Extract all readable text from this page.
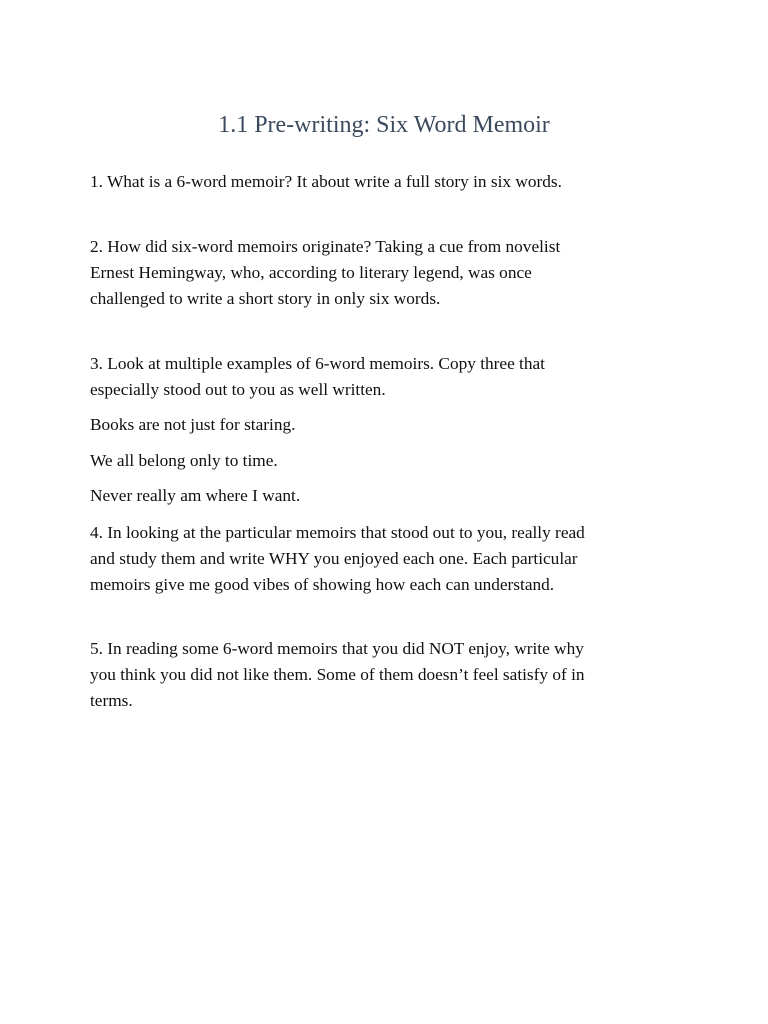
1.1 Pre-writing: Six Word Memoir

1. What is a 6-word memoir? It about write a full story in six words.

2. How did six-word memoirs originate? Taking a cue from novelist
Ernest Hemingway, who, according to literary legend, was once
challenged to write a short story in only six words.

3. Look at multiple examples of 6-word memoirs. Copy three that
especially stood out to you as well written.

Books are not just for staring.

We all belong only to time.

Never really am where I want.

4. In looking at the particular memoirs that stood out to you, really read
and study them and write WHY you enjoyed each one. Each particular
memoirs give me good vibes of showing how each can understand.

5. In reading some 6-word memoirs that you did NOT enjoy, write why
you think you did not like them. Some of them doesn’t feel satisfy of in
terms.
